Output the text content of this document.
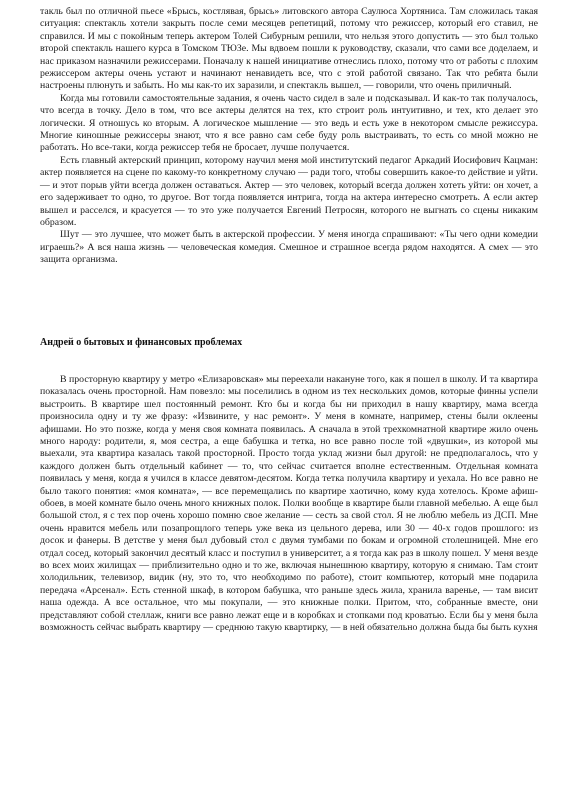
такль был по отличной пьесе «Брысь, костлявая, брысь» литовского автора Саулюса Хортяниса. Там сложилась такая ситуация: спектакль хотели закрыть после семи месяцев репетиций, потому что режиссер, который его ставил, не справился. И мы с покойным теперь актером Толей Сибурным решили, что нельзя этого допустить — это был только второй спектакль нашего курса в Томском ТЮЗе. Мы вдвоем пошли к руководству, сказали, что сами все доделаем, и нас приказом назначили режиссерами. Поначалу к нашей инициативе отнеслись плохо, потому что от работы с плохим режиссером актеры очень устают и начинают ненавидеть все, что с этой работой связано. Так что ребята были настроены плюнуть и забыть. Но мы как-то их заразили, и спектакль вышел, — говорили, что очень приличный.

Когда мы готовили самостоятельные задания, я очень часто сидел в зале и подсказывал. И как-то так получалось, что всегда в точку. Дело в том, что все актеры делятся на тех, кто строит роль интуитивно, и тех, кто делает это логически. Я отношусь ко вторым. А логическое мышление — это ведь и есть уже в некотором смысле режиссура. Многие киношные режиссеры знают, что я все равно сам себе буду роль выстраивать, то есть со мной можно не работать. Но все-таки, когда режиссер тебя не бросает, лучше получается.

Есть главный актерский принцип, которому научил меня мой институтский педагог Аркадий Иосифович Кацман: актер появляется на сцене по какому-то конкретному случаю — ради того, чтобы совершить какое-то действие и уйти. — и этот порыв уйти всегда должен оставаться. Актер — это человек, который всегда должен хотеть уйти: он хочет, а его задерживает то одно, то другое. Вот тогда появляется интрига, тогда на актера интересно смотреть. А если актер вышел и расселся, и красуется — то это уже получается Евгений Петросян, которого не выгнать со сцены никаким образом.

Шут — это лучшее, что может быть в актерской профессии. У меня иногда спрашивают: «Ты чего одни комедии играешь?» А вся наша жизнь — человеческая комедия. Смешное и страшное всегда рядом находятся. А смех — это защита организма.

Андрей о бытовых и финансовых проблемах

В просторную квартиру у метро «Елизаровская» мы переехали накануне того, как я пошел в школу. И та квартира показалась очень просторной. Нам повезло: мы поселились в одном из тех нескольких домов, которые финны успели выстроить. В квартире шел постоянный ремонт. Кто бы и когда бы ни приходил в нашу квартиру, мама всегда произносила одну и ту же фразу: «Извините, у нас ремонт». У меня в комнате, например, стены были оклеены афишами. Но это позже, когда у меня своя комната появилась. А сначала в этой трехкомнатной квартире жило очень много народу: родители, я, моя сестра, а еще бабушка и тетка, но все равно после той «двушки», из которой мы выехали, эта квартира казалась такой просторной. Просто тогда уклад жизни был другой: не предполагалось, что у каждого должен быть отдельный кабинет — то, что сейчас считается вполне естественным. Отдельная комната появилась у меня, когда я учился в классе девятом-десятом. Когда тетка получила квартиру и уехала. Но все равно не было такого понятия: «моя комната», — все перемещались по квартире хаотично, кому куда хотелось. Кроме афиш-обоев, в моей комнате было очень много книжных полок. Полки вообще в квартире были главной мебелью. А еще был большой стол, я с тех пор очень хорошо помню свое желание — сесть за свой стол. Я не люблю мебель из ДСП. Мне очень нравится мебель или позапрощлого теперь уже века из цельного дерева, или 30 — 40-х годов прошлого: из досок и фанеры. В детстве у меня был дубовый стол с двумя тумбами по бокам и огромной столешницей. Мне его отдал сосед, который закончил десятый класс и поступил в университет, а я тогда как раз в школу пошел. У меня везде во всех моих жилищах — приблизительно одно и то же, включая нынешнюю квартиру, которую я снимаю. Там стоит холодильник, телевизор, видик (ну, это то, что необходимо по работе), стоит компьютер, который мне подарила передача «Арсенал». Есть стенной шкаф, в котором бабушка, что раньше здесь жила, хранила варенье, — там висит наша одежда. А все остальное, что мы покупали, — это книжные полки. Притом, что, собранные вместе, они представляют собой стеллаж, книги все равно лежат еще и в коробках и стопками под кроватью. Если бы у меня была возможность сейчас выбрать квартиру — среднюю такую квартирку, — в ней обязательно должна быда бы быть кухня
